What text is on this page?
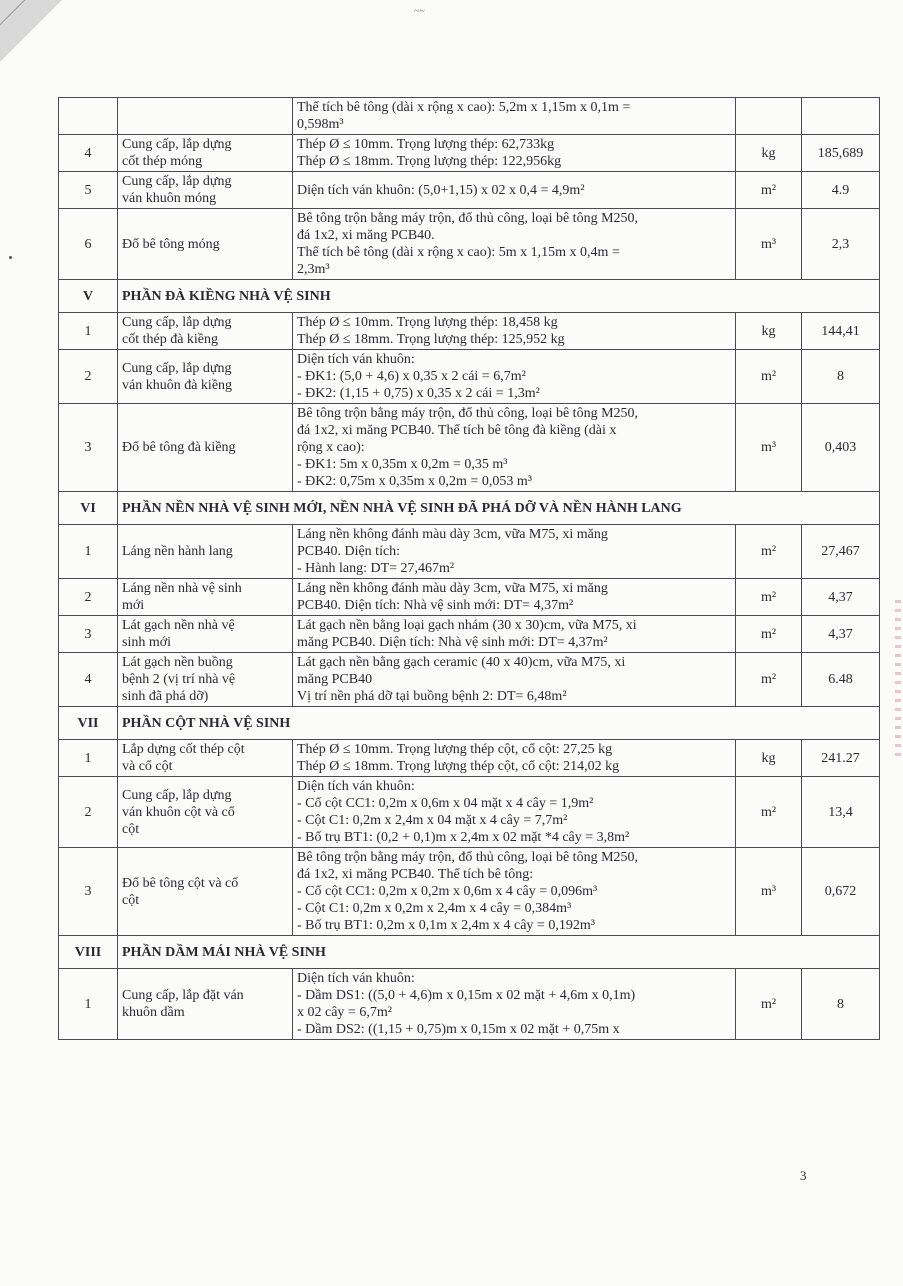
~~

		Thể tích bê tông (dài x rộng x cao): 5,2m x 1,15m x 0,1m =
0,598m³		

4	Cung cấp, lắp dựng
cốt thép móng	Thép Ø ≤ 10mm. Trọng lượng thép: 62,733kg
Thép Ø ≤ 18mm. Trọng lượng thép: 122,956kg	kg	185,689
5	Cung cấp, lắp dựng
ván khuôn móng	Diện tích ván khuôn: (5,0+1,15) x 02 x 0,4 = 4,9m²	m²	4.9
6	Đổ bê tông móng	Bê tông trộn bằng máy trộn, đổ thủ công, loại bê tông M250,
đá 1x2, xi măng PCB40.
Thể tích bê tông (dài x rộng x cao): 5m x 1,15m x 0,4m =
2,3m³	m³	2,3
V	PHẦN ĐÀ KIỀNG NHÀ VỆ SINH			
1	Cung cấp, lắp dựng
cốt thép đà kiềng	Thép Ø ≤ 10mm. Trọng lượng thép: 18,458 kg
Thép Ø ≤ 18mm. Trọng lượng thép: 125,952 kg	kg	144,41
2	Cung cấp, lắp dựng
ván khuôn đà kiềng	Diện tích ván khuôn:
- ĐK1: (5,0 + 4,6) x 0,35 x 2 cái = 6,7m²
- ĐK2: (1,15 + 0,75) x 0,35 x 2 cái = 1,3m²	m²	8
3	Đổ bê tông đà kiềng	Bê tông trộn bằng máy trộn, đổ thủ công, loại bê tông M250,
đá 1x2, xi măng PCB40. Thể tích bê tông đà kiềng (dài x
rộng x cao):
- ĐK1: 5m x 0,35m x 0,2m = 0,35 m³
- ĐK2: 0,75m x 0,35m x 0,2m = 0,053 m³	m³	0,403
VI	PHẦN NỀN NHÀ VỆ SINH MỚI, NỀN NHÀ VỆ SINH ĐÃ PHÁ DỠ VÀ NỀN HÀNH LANG			
1	Láng nền hành lang	Láng nền không đánh màu dày 3cm, vữa M75, xi măng
PCB40. Diện tích:
- Hành lang: DT= 27,467m²	m²	27,467
2	Láng nền nhà vệ sinh
mới	Láng nền không đánh màu dày 3cm, vữa M75, xi măng
PCB40. Diện tích: Nhà vệ sinh mới: DT= 4,37m²	m²	4,37
3	Lát gạch nền nhà vệ
sinh mới	Lát gạch nền bằng loại gạch nhám (30 x 30)cm, vữa M75, xi
măng PCB40. Diện tích: Nhà vệ sinh mới: DT= 4,37m²	m²	4,37
4	Lát gạch nền buồng
bệnh 2 (vị trí nhà vệ
sinh đã phá dỡ)	Lát gạch nền bằng gạch ceramic (40 x 40)cm, vữa M75, xi
măng PCB40
Vị trí nền phá dỡ tại buồng bệnh 2: DT= 6,48m²	m²	6.48
VII	PHẦN CỘT NHÀ VỆ SINH			
1	Lắp dựng cốt thép cột
và cổ cột	Thép Ø ≤ 10mm. Trọng lượng thép cột, cổ cột: 27,25 kg
Thép Ø ≤ 18mm. Trọng lượng thép cột, cổ cột: 214,02 kg	kg	241.27
2	Cung cấp, lắp dựng
ván khuôn cột và cổ
cột	Diện tích ván khuôn:
- Cổ cột CC1: 0,2m x 0,6m x 04 mặt x 4 cây = 1,9m²
- Cột C1: 0,2m x 2,4m x 04 mặt x 4 cây = 7,7m²
- Bổ trụ BT1: (0,2 + 0,1)m x 2,4m x 02 mặt *4 cây = 3,8m²	m²	13,4
3	Đổ bê tông cột và cổ
cột	Bê tông trộn bằng máy trộn, đổ thủ công, loại bê tông M250,
đá 1x2, xi măng PCB40. Thể tích bê tông:
- Cổ cột CC1: 0,2m x 0,2m x 0,6m x 4 cây = 0,096m³
- Cột C1: 0,2m x 0,2m x 2,4m x 4 cây = 0,384m³
- Bổ trụ BT1: 0,2m x 0,1m x 2,4m x 4 cây = 0,192m³	m³	0,672
VIII	PHẦN DẦM MÁI NHÀ VỆ SINH			
1	Cung cấp, lắp đặt ván
khuôn dầm	Diện tích ván khuôn:
- Dầm DS1: ((5,0 + 4,6)m x 0,15m x 02 mặt + 4,6m x 0,1m)
x 02 cây = 6,7m²
- Dầm DS2: ((1,15 + 0,75)m x 0,15m x 02 mặt + 0,75m x	m²	8
3
